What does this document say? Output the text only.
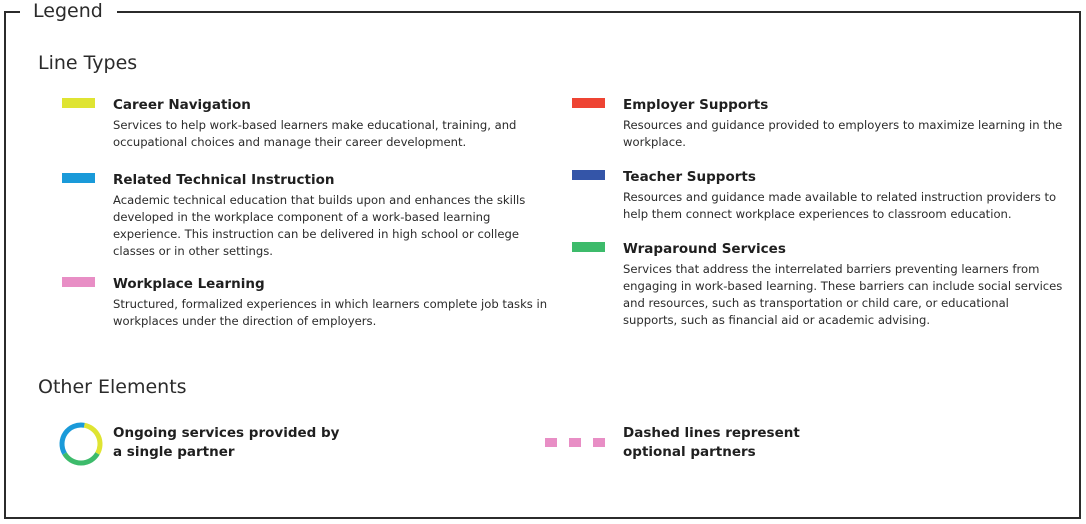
Legend
Line Types
Career Navigation
Services to help work-based learners make educational, training, and occupational choices and manage their career development.
Related Technical Instruction
Academic technical education that builds upon and enhances the skills developed in the workplace component of a work-based learning experience. This instruction can be delivered in high school or college classes or in other settings.
Workplace Learning
Structured, formalized experiences in which learners complete job tasks in workplaces under the direction of employers.
Employer Supports
Resources and guidance provided to employers to maximize learning in the workplace.
Teacher Supports
Resources and guidance made available to related instruction providers to help them connect workplace experiences to classroom education.
Wraparound Services
Services that address the interrelated barriers preventing learners from engaging in work-based learning. These barriers can include social services and resources, such as transportation or child care, or educational supports, such as financial aid or academic advising.
Other Elements
Ongoing services provided by a single partner
Dashed lines represent optional partners
